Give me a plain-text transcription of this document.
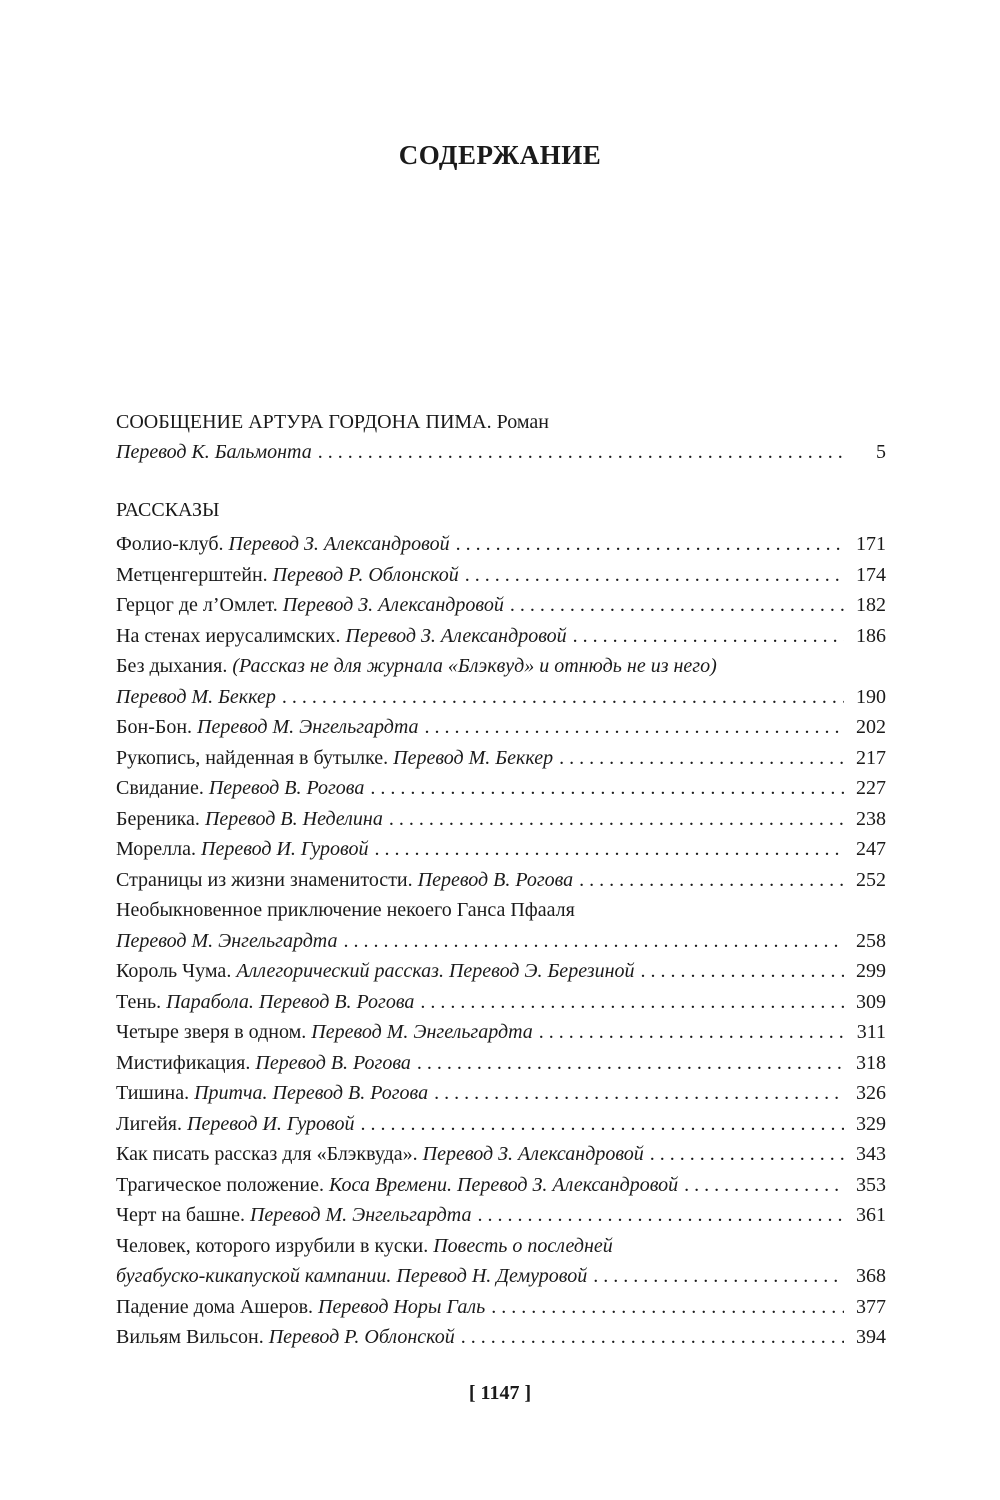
СОДЕРЖАНИЕ
СООБЩЕНИЕ АРТУРА ГОРДОНА ПИМА. Роман
Перевод К. Бальмонта . . .	5
РАССКАЗЫ
Фолио-клуб. Перевод З. Александровой . . .	171
Метценгерштейн. Перевод Р. Облонской . . .	174
Герцог де л’Омлет. Перевод З. Александровой . . .	182
На стенах иерусалимских. Перевод З. Александровой . . .	186
Без дыхания.
(Рассказ не для журнала «Блэквуд» и отнюдь не из него)
Перевод М. Беккер . . .	190
Бон-Бон. Перевод М. Энгельгардта . . .	202
Рукопись, найденная в бутылке. Перевод М. Беккер . . .	217
Свидание. Перевод В. Рогова . . .	227
Береника. Перевод В. Неделина . . .	238
Морелла. Перевод И. Гуровой . . .	247
Страницы из жизни знаменитости. Перевод В. Рогова . . .	252
Необыкновенное приключение некоего Ганса Пфааля
Перевод М. Энгельгардта . . .	258
Король Чума. Аллегорический рассказ. Перевод Э. Березиной . . .	299
Тень. Парабола. Перевод В. Рогова . . .	309
Четыре зверя в одном. Перевод М. Энгельгардта . . .	311
Мистификация. Перевод В. Рогова . . .	318
Тишина. Притча. Перевод В. Рогова . . .	326
Лигейя. Перевод И. Гуровой . . .	329
Как писать рассказ для «Блэквуда». Перевод З. Александровой . . .	343
Трагическое положение. Коса Времени. Перевод З. Александровой . . .	353
Черт на башне. Перевод М. Энгельгардта . . .	361
Человек, которого изрубили в куски.
Повесть о последней
бугабуско-кикапуской кампании. Перевод Н. Демуровой . . .	368
Падение дома Ашеров. Перевод Норы Галь . . .	377
Вильям Вильсон. Перевод Р. Облонской . . .	394
[ 1147 ]
